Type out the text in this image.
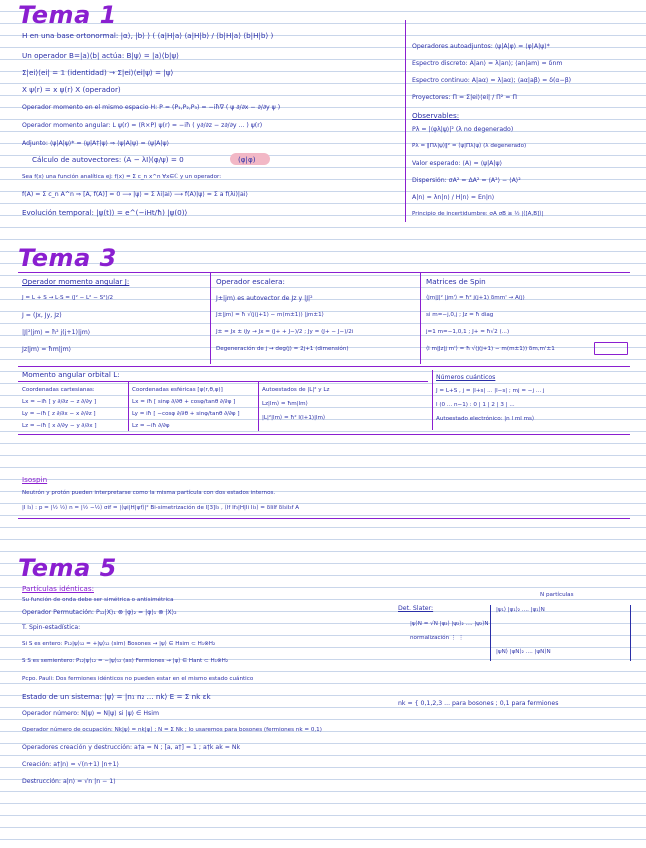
Tema 1
H en una base ortonormal: |α⟩, |b⟩ ⟩ ( ⟨a|H|a⟩ ⟨a|H|b⟩ / ⟨b|H|a⟩ ⟨b|H|b⟩ )
Un operador B=|a⟩⟨b| actúa: B|ψ⟩ = |a⟩⟨b|ψ⟩
Σ|ei⟩⟨ei| = 𝟙 (identidad) → Σ|ei⟩⟨ei|ψ⟩ = |ψ⟩
X ψ(r) = x ψ(r) X (operador)
Operador momento en el mismo espacio H: P = (P₁,P₂,P₃) = −iħ∇ ( ψ ∂/∂x − ∂/∂y ψ )
Operador momento angular: L ψ(r) = (R×P) ψ(r) = −iħ ( y∂/∂z − z∂/∂y ... ) ψ(r)
Adjunto: ⟨ψ|A|ψ⟩* = ⟨ψ|A†|ψ⟩ ⇒ ⟨ψ|A|ψ⟩ = ⟨ψ|A|ψ⟩
Cálculo de autovectores: (A − λI)(φ/ψ) = 0	(φ|φ)
Sea f(x) una función analítica ej: f(x) = Σ c_n x^n ∀x∈ℂ y un operador:
f(A) = Σ c_n A^n ⇒ [A, f(A)] = 0 ⟶ |ψ⟩ = Σ λi|ai⟩ ⟶ f(A)|ψ⟩ = Σ a f(λi)|ai⟩
Evolución temporal: |ψ(t)⟩ = e^(−iHt/ħ) |ψ(0)⟩
Operadores autoadjuntos: ⟨ψ|A|φ⟩ = ⟨φ|A|ψ⟩*
Espectro discreto: A|an⟩ = λ|an⟩; ⟨an|am⟩ = δnm
Espectro continuo: A|aα⟩ = λ|aα⟩; ⟨aα|aβ⟩ = δ(α−β)
Proyectores: Π = Σ|ei⟩⟨ei| / Π² = Π
Observables:
Pλ = |⟨φλ|ψ⟩|² (λ no degenerado)
Pλ = ‖Πλ|ψ⟩‖² = ⟨ψ|Πλ|ψ⟩ (λ degenerado)
Valor esperado: ⟨A⟩ = ⟨ψ|A|ψ⟩
Dispersión: σA² = ΔA² = ⟨A²⟩ − ⟨A⟩²
A|n⟩ = λn|n⟩ / H|n⟩ = En|n⟩
Principio de incertidumbre: σA σB ≥ ½ |⟨[A,B]⟩|
Tema 3
Operador momento angular J:
J = L + S → L·S = (J² − L² − S²)/2
J = (Jx, Jy, Jz)
|J|²|jm⟩ = ħ² j(j+1)|jm⟩
Jz|jm⟩ = ħm|jm⟩
Operador escalera:
J±|jm⟩ es autovector de Jz y |J|²
J±|jm⟩ = ħ √(j(j+1) − m(m±1)) |jm±1⟩
J± = Jx ± iJy → Jx = (J+ + J−)/2 ; Jy = (J+ − J−)/2i
Degeneración de j → deg(j) = 2j+1 (dimensión)
Matrices de Spin
⟨jm|J|² |jm'⟩ = ħ² j(j+1) δmm' → A(j)
si m=−j,0,j ; Jz = ħ diag
j=1 m=−1,0,1 ; J+ = ħ√2 (...)
⟨l m|Jz|j m'⟩ = ħ √(j(j+1) − m(m±1)) δm,m'±1
Momento angular orbital L:
Coordenadas cartesianas:
Lx = −iħ [ y ∂/∂z − z ∂/∂y ]
Ly = −iħ [ z ∂/∂x − x ∂/∂z ]
Lz = −iħ [ x ∂/∂y − y ∂/∂x ]
Coordenadas esféricas [ψ(r,θ,φ)]
Lx = iħ [ sinφ ∂/∂θ + cosφ/tanθ ∂/∂φ ]
Ly = iħ [ −cosφ ∂/∂θ + sinφ/tanθ ∂/∂φ ]
Lz = −iħ ∂/∂φ
Autoestados de |L|² y Lz
Lz|lm⟩ = ħm|lm⟩
|L|²|lm⟩ = ħ² l(l+1)|lm⟩
Números cuánticos
J = L+S , j = |l+s| ... |l−s| ; mj = −j ... j
l (0 ... n−1) : 0 | 1 | 2 | 3 | ...
Autoestado electrónico: |n l ml ms⟩
Isospin
Neutrón y protón pueden interpretarse como la misma partícula con dos estados internos.
|I I₃⟩ : p = |½ ½⟩ n = |½ −½⟩ σif = |⟨ψi|H|ψf⟩|² Bi-simetrización de I[3]I₃ , ⟨If If₃|H|Ii Ii₃⟩ = δIiIf δI₃iI₃f A
Tema 5
Partículas idénticas:
Su función de onda debe ser simétrica o antisimétrica
Operador Permutación: P₁₂|X⟩₁ ⊗ |φ⟩₂ = |φ⟩₁ ⊗ |X⟩₂
T. Spin-estadística:
Si S es entero: P₁₂|ψ⟩₁₂ = +|ψ⟩₁₂ (sim) Bosones → |ψ⟩ ∈ Hsim ⊂ H₁⊗H₂
S S es semientero: P₁₂|ψ⟩₁₂ = −|ψ⟩₁₂ (as) Fermiones → |ψ⟩ ∈ Hant ⊂ H₁⊗H₂
Pcpo. Pauli: Dos fermiones idénticos no pueden estar en el mismo estado cuántico
Estado de un sistema: |ψ⟩ = |n₁ n₂ ... nk⟩ E = Σ nk εk
Operador número: N|ψ⟩ = N|ψ⟩ si |ψ⟩ ∈ Hsim
Operador número de ocupación: Nk|ψ⟩ = nk|ψ⟩ ; N = Σ Nk ; lo usaremos para bosones (fermiones nk = 0,1)
Operadores creación y destrucción: a†a = N ; [a, a†] = 1 ; a†k ak = Nk
Creación: a†|n⟩ = √(n+1) |n+1⟩
Destrucción: a|n⟩ = √n |n − 1⟩
Det. Slater:
N partículas
|ψ₁⟩ |ψ₁⟩₂ .... |ψ₁⟩N
|ψ⟩N = √N |ψ₂⟩ |ψ₂⟩₂ .... |ψ₂⟩N
normalización ⋮ ⋮
|ψN⟩ |ψN⟩₂ .... |ψN⟩N
nk = { 0,1,2,3 ... para bosones ; 0,1 para fermiones
